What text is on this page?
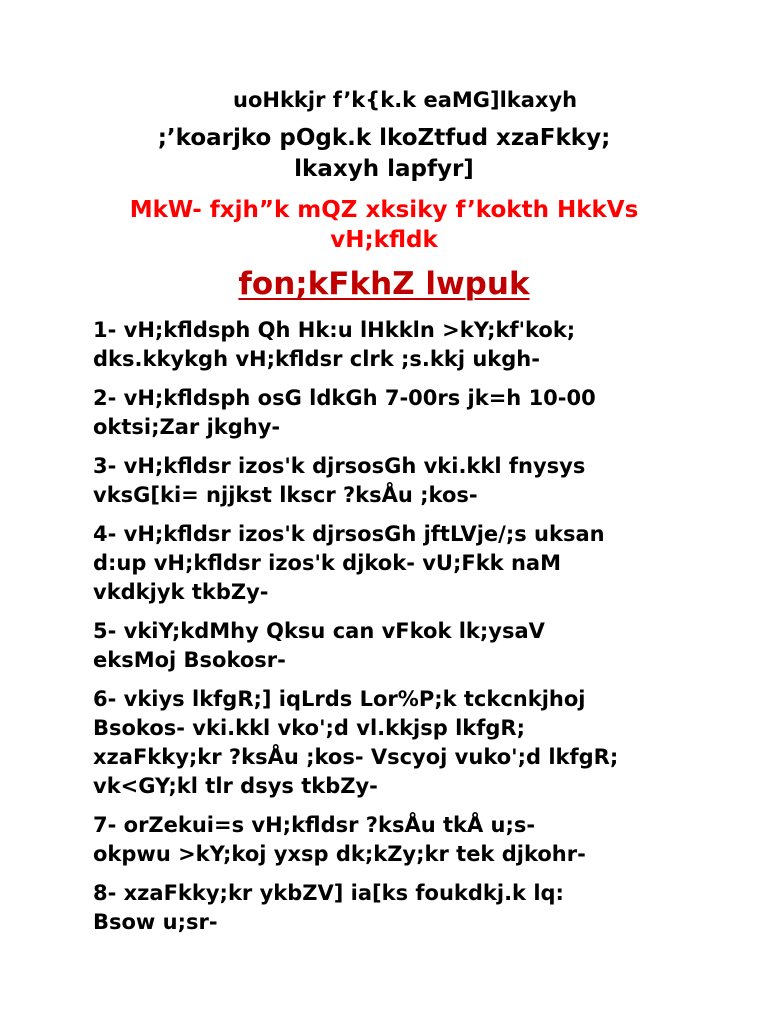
uoHkkjr f’k{k.k eaMG]lkaxyh
;’koarjko pOgk.k lkoZtfud xzaFkky;
lkaxyh lapfyr]
MkW- fxjh”k mQZ xksiky f’kokth HkkVs
vH;kfldk
fon;kFkhZ lwpuk
1- vH;kfldsph Qh Hk:u lHkkln >kY;kf'kok;
dks.kkykgh vH;kfldsr clrk ;s.kkj ukgh-
2- vH;kfldsph osG ldkGh 7-00rs jk=h 10-00
oktsi;Zar jkghy-
3- vH;kfldsr izos'k djrsosGh vki.kkl fnysys
vksG[ki= njjkst lkscr ?ksÅu ;kos-
4- vH;kfldsr izos'k djrsosGh jftLVje/;s uksan
d:up vH;kfldsr izos'k djkok- vU;Fkk naM
vkdkjyk tkbZy-
5- vkiY;kdMhy Qksu can vFkok lk;ysaV
eksMoj Bsokosr-
6- vkiys lkfgR;] iqLrds Lor%P;k tckcnkjhoj
Bsokos- vki.kkl vko';d vl.kkjsp lkfgR;
xzaFkky;kr ?ksÅu ;kos- Vscyoj vuko';d lkfgR;
vk<GY;kl tlr dsys tkbZy-
7- orZekui=s vH;kfldsr ?ksÅu tkÅ u;s-
okpwu >kY;koj yxsp dk;kZy;kr tek djkohr-
8- xzaFkky;kr ykbZV] ia[ks foukdkj.k lq:
Bsow u;sr-
